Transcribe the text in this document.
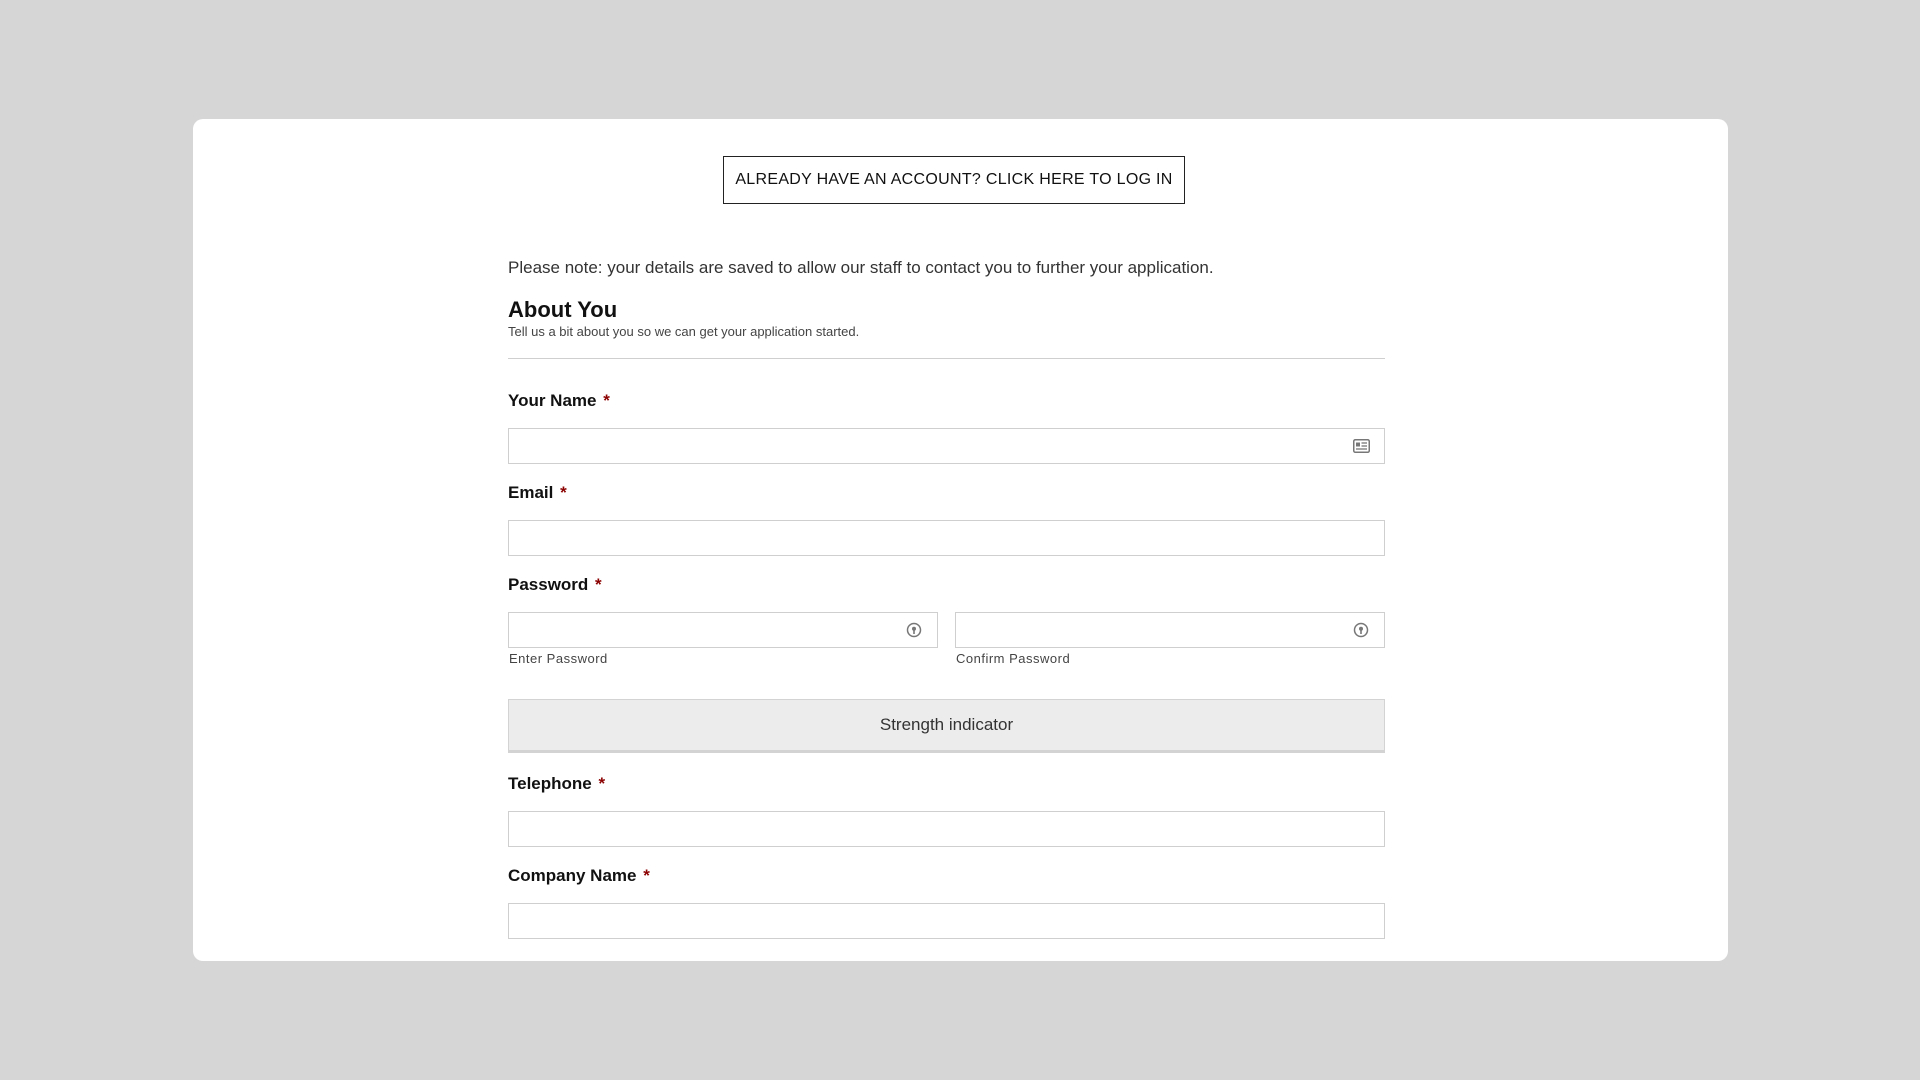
ALREADY HAVE AN ACCOUNT? CLICK HERE TO LOG IN
Please note: your details are saved to allow our staff to contact you to further your application.
About You
Tell us a bit about you so we can get your application started.
Your Name *
Email *
Password *
Enter Password	Confirm Password
Strength indicator
Telephone *
Company Name *
